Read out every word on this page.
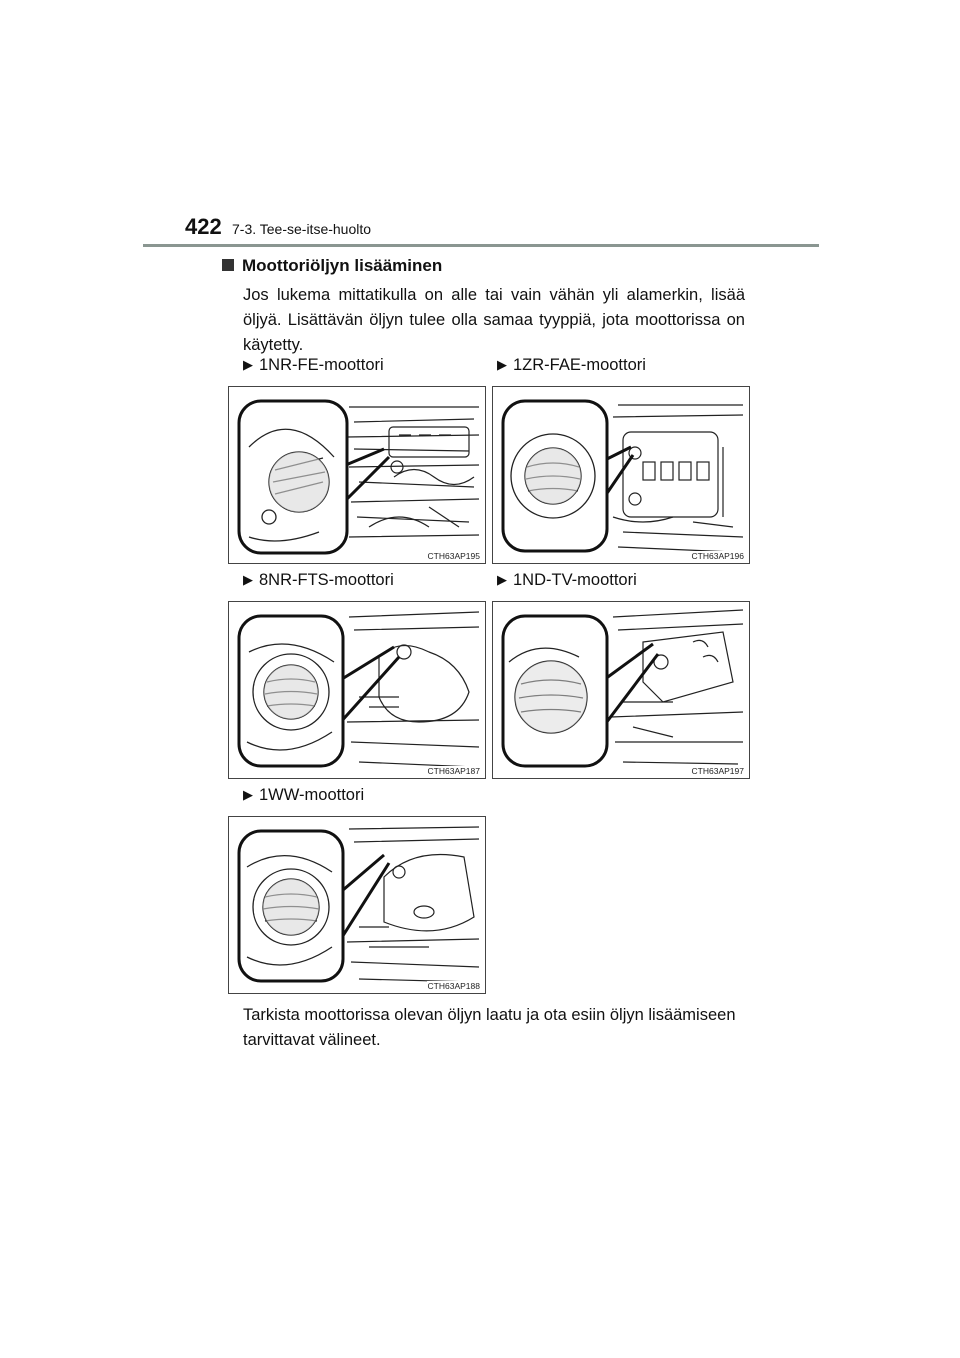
422 7-3. Tee-se-itse-huolto
Moottoriöljyn lisääminen
Jos lukema mittatikulla on alle tai vain vähän yli alamerkin, lisää öljyä. Lisättävän öljyn tulee olla samaa tyyppiä, jota moottorissa on käytetty.
▶ 1NR-FE-moottori
CTH63AP195
▶ 1ZR-FAE-moottori
CTH63AP196
▶ 8NR-FTS-moottori
CTH63AP187
▶ 1ND-TV-moottori
CTH63AP197
▶ 1WW-moottori
CTH63AP188
Tarkista moottorissa olevan öljyn laatu ja ota esiin öljyn lisäämiseen tarvittavat välineet.
